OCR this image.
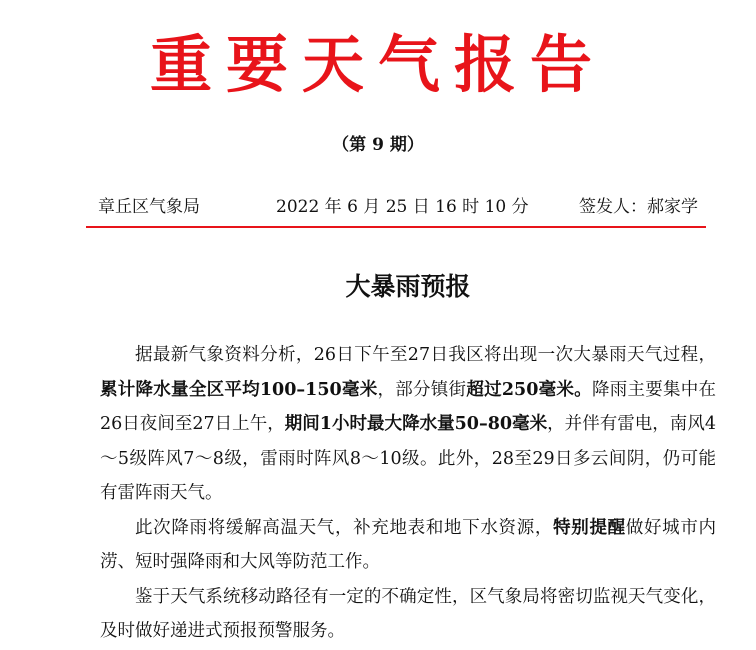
重要天气报告
（第 9 期）
章丘区气象局	2022 年 6 月 25 日 16 时 10 分	签发人：郝家学
大暴雨预报

据最新气象资料分析，26日下午至27日我区将出现一次大暴雨天气过程，累计降水量全区平均100–150毫米，部分镇街超过250毫米。降雨主要集中在26日夜间至27日上午，期间1小时最大降水量50–80毫米，并伴有雷电，南风4～5级阵风7～8级，雷雨时阵风8～10级。此外，28至29日多云间阴，仍可能有雷阵雨天气。

此次降雨将缓解高温天气，补充地表和地下水资源，特别提醒做好城市内涝、短时强降雨和大风等防范工作。

鉴于天气系统移动路径有一定的不确定性，区气象局将密切监视天气变化，及时做好递进式预报预警服务。
